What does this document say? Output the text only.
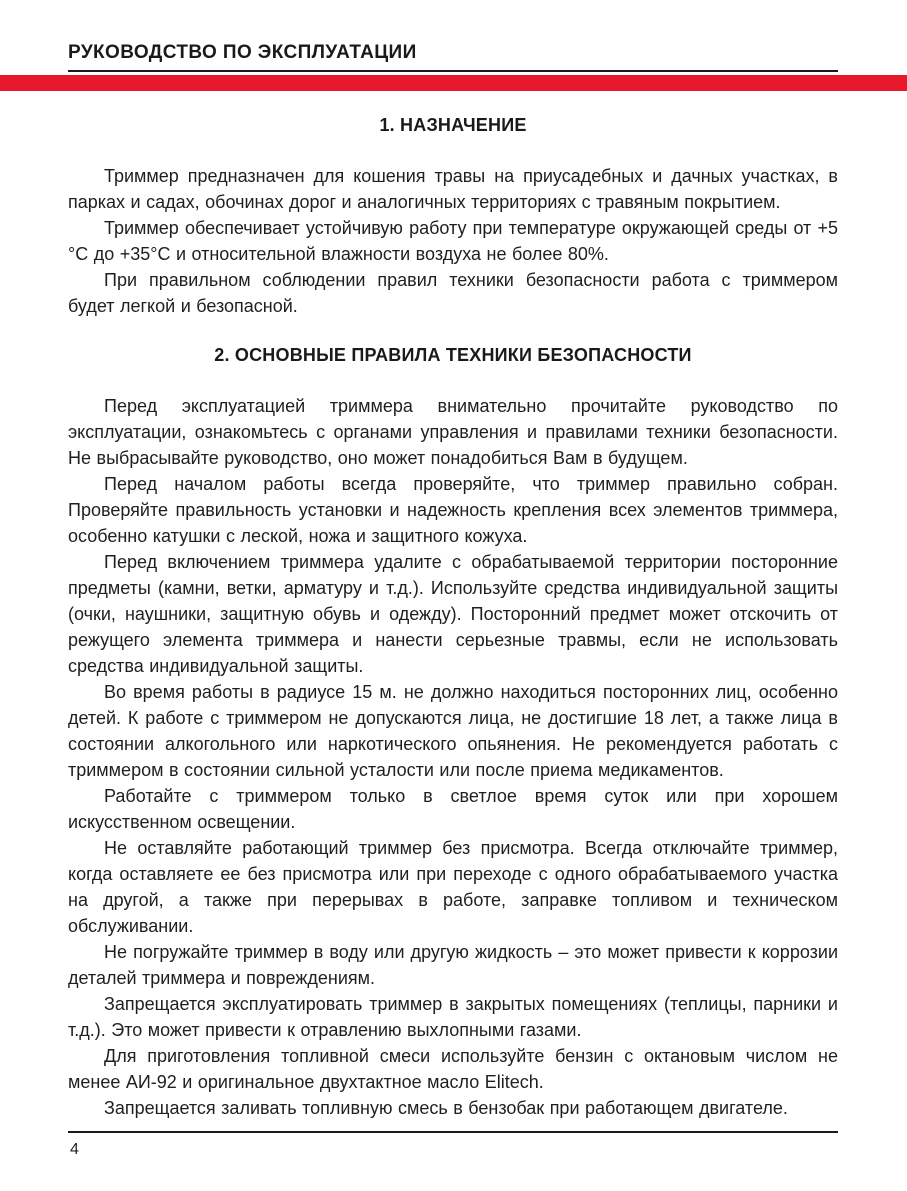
РУКОВОДСТВО ПО ЭКСПЛУАТАЦИИ
1. НАЗНАЧЕНИЕ

Триммер предназначен для кошения травы на приусадебных и дачных участках, в парках и садах, обочинах дорог и аналогичных территориях с травяным покрытием.

Триммер обеспечивает устойчивую работу при температуре окружающей среды от +5 °С до +35°С и относительной влажности воздуха не более 80%.

При правильном соблюдении правил техники безопасности работа с триммером будет легкой и безопасной.

2. ОСНОВНЫЕ ПРАВИЛА ТЕХНИКИ БЕЗОПАСНОСТИ

Перед эксплуатацией триммера внимательно прочитайте руководство по эксплуатации, ознакомьтесь с органами управления и правилами техники безопасности. Не выбрасывайте руководство, оно может понадобиться Вам в будущем.

Перед началом работы всегда проверяйте, что триммер правильно собран. Проверяйте правильность установки и надежность крепления всех элементов триммера, особенно катушки с леской, ножа и защитного кожуха.

Перед включением триммера удалите с обрабатываемой территории посторонние предметы (камни, ветки, арматуру и т.д.). Используйте средства индивидуальной защиты (очки, наушники, защитную обувь и одежду). Посторонний предмет может отскочить от режущего элемента триммера и нанести серьезные травмы, если не использовать средства индивидуальной защиты.

Во время работы в радиусе 15 м. не должно находиться посторонних лиц, особенно детей. К работе с триммером не допускаются лица, не достигшие 18 лет, а также лица в состоянии алкогольного или наркотического опьянения. Не рекомендуется работать с триммером в состоянии сильной усталости или после приема медикаментов.

Работайте с триммером только в светлое время суток или при хорошем искусственном освещении.

Не оставляйте работающий триммер без присмотра. Всегда отключайте триммер, когда оставляете ее без присмотра или при переходе с одного обрабатываемого участка на другой, а также при перерывах в работе, заправке топливом и техническом обслуживании.

Не погружайте триммер в воду или другую жидкость – это может привести к коррозии деталей триммера и повреждениям.

Запрещается эксплуатировать триммер в закрытых помещениях (теплицы, парники и т.д.). Это может привести к отравлению выхлопными газами.

Для приготовления топливной смеси используйте бензин с октановым числом не менее АИ-92 и оригинальное двухтактное масло Elitech.

Запрещается заливать топливную смесь в бензобак при работающем двигателе.

4
